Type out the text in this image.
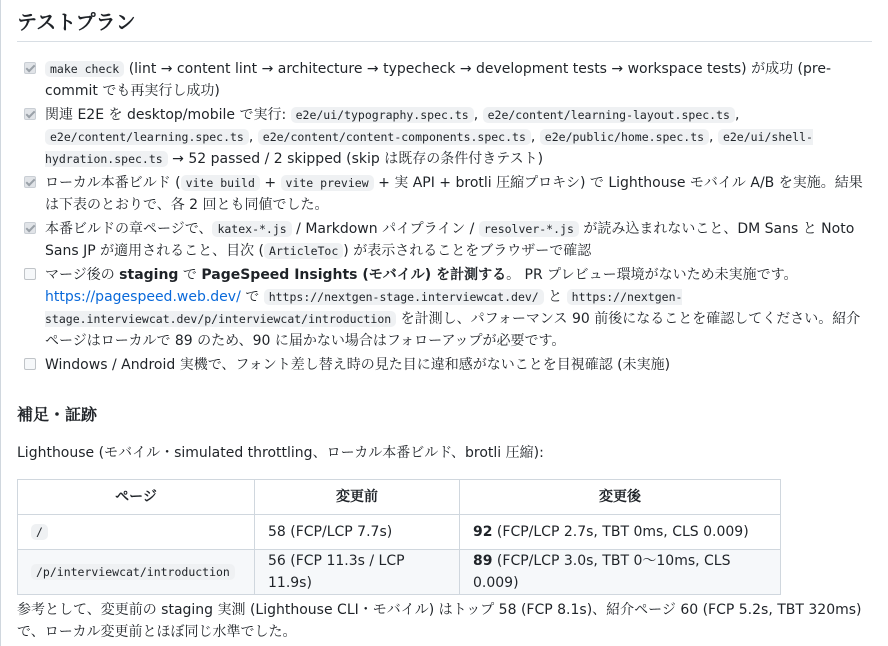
テストプラン
make check (lint → content lint → architecture → typecheck → development tests → workspace tests) が成功 (pre-commit でも再実行し成功)
関連 E2E を desktop/mobile で実行: e2e/ui/typography.spec.ts , e2e/content/learning-layout.spec.ts , e2e/content/learning.spec.ts , e2e/content/content-components.spec.ts , e2e/public/home.spec.ts , e2e/ui/shell-hydration.spec.ts → 52 passed / 2 skipped (skip は既存の条件付きテスト)
ローカル本番ビルド ( vite build + vite preview + 実 API + brotli 圧縮プロキシ) で Lighthouse モバイル A/B を実施。結果は下表のとおりで、各 2 回とも同値でした。
本番ビルドの章ページで、 katex-*.js / Markdown パイプライン / resolver-*.js が読み込まれないこと、DM Sans と Noto Sans JP が適用されること、目次 ( ArticleToc ) が表示されることをブラウザーで確認
マージ後の staging で PageSpeed Insights (モバイル) を計測する。 PR プレビュー環境がないため未実施です。https://pagespeed.web.dev/ で https://nextgen-stage.interviewcat.dev/ と https://nextgen-stage.interviewcat.dev/p/interviewcat/introduction を計測し、パフォーマンス 90 前後になることを確認してください。紹介ページはローカルで 89 のため、90 に届かない場合はフォローアップが必要です。
Windows / Android 実機で、フォント差し替え時の見た目に違和感がないことを目視確認 (未実施)
補足・証跡

Lighthouse (モバイル・simulated throttling、ローカル本番ビルド、brotli 圧縮):

ページ	変更前	変更後
/	58 (FCP/LCP 7.7s)	92 (FCP/LCP 2.7s, TBT 0ms, CLS 0.009)
/p/interviewcat/introduction	56 (FCP 11.3s / LCP 11.9s)	89 (FCP/LCP 3.0s, TBT 0〜10ms, CLS 0.009)

参考として、変更前の staging 実測 (Lighthouse CLI・モバイル) はトップ 58 (FCP 8.1s)、紹介ページ 60 (FCP 5.2s, TBT 320ms) で、ローカル変更前とほぼ同じ水準でした。
